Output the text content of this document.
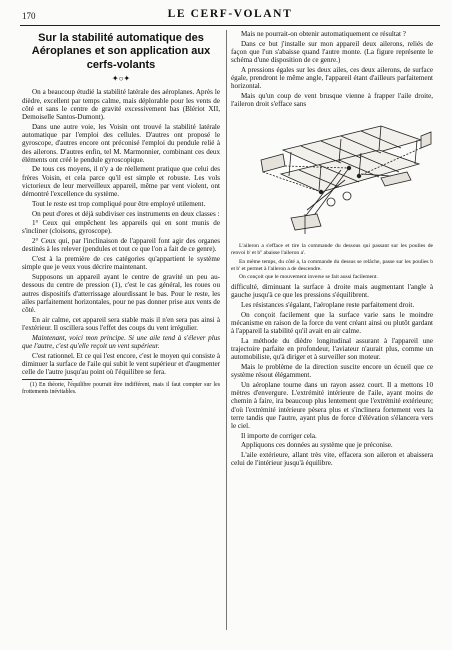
170	LE CERF-VOLANT
Sur la stabilité automatique des Aéroplanes et son application aux cerfs-volants
✦○✦

On a beaucoup étudié la stabilité latérale des aéroplanes. Après le dièdre, excellent par temps calme, mais déplorable pour les vents de côté et sans le centre de gravité excessivement bas (Blériot XII, Demoiselle Santos-Dumont).

Dans une autre voie, les Voisin ont trouvé la stabilité latérale automatique par l'emploi des cellules. D'autres ont proposé le gyroscope, d'autres encore ont préconisé l'emploi du pendule relié à des ailerons. D'autres enfin, tel M. Marmonnier, combinant ces deux éléments ont créé le pendule gyroscopique.

De tous ces moyens, il n'y a de réellement pratique que celui des frères Voisin, et cela parce qu'il est simple et robuste. Les vols victorieux de leur merveilleux appareil, même par vent violent, ont démontré l'excellence du système.

Tout le reste est trop compliqué pour être employé utilement.

On peut d'ores et déjà subdiviser ces instruments en deux classes :

1° Ceux qui empêchent les appareils qui en sont munis de s'incliner (cloisons, gyroscope).

2° Ceux qui, par l'inclinaison de l'appareil font agir des organes destinés à les relever (pendules et tout ce que l'on a fait de ce genre).

C'est à la première de ces catégories qu'appartient le système simple que je veux vous décrire maintenant.

Supposons un appareil ayant le centre de gravité un peu au-dessous du centre de pression (1), c'est le cas général, les roues ou autres dispositifs d'atterrissage alourdissant le bas. Pour le reste, les ailes parfaitement horizontales, pour ne pas donner prise aux vents de côté.

En air calme, cet appareil sera stable mais il n'en sera pas ainsi à l'extérieur. Il oscillera sous l'effet des coups du vent irrégulier.

Maintenant, voici mon principe. Si une aile tend à s'élever plus que l'autre, c'est qu'elle reçoit un vent supérieur.

C'est rationnel. Et ce qui l'est encore, c'est le moyen qui consiste à diminuer la surface de l'aile qui subit le vent supérieur et d'augmenter celle de l'autre jusqu'au point où l'équilibre se fera.

(1) En théorie, l'équilibre pourrait être indifférent, mais il faut compter sur les frottements inévitables.

Mais ne pourrait-on obtenir automatiquement ce résultat ?

Dans ce but j'installe sur mon appareil deux ailerons, reliés de façon que l'un s'abaisse quand l'autre monte. (La figure représente le schéma d'une disposition de ce genre.)

A pressions égales sur les deux ailes, ces deux ailerons, de surface égale, prendront le même angle, l'appareil étant d'ailleurs parfaitement horizontal.

Mais qu'un coup de vent brusque vienne à frapper l'aile droite, l'aileron droit s'efface sans

L'aileron a s'efface et tire la commande du dessous qui passant sur les poulies de renvoi b' et b'' abaisse l'aileron a'.
En même temps, du côté a, la commande du dessus se relâche, passe sur les poulies b et b' et permet à l'aileron a de descendre.
On conçoit que le mouvement inverse se fait aussi facilement.

difficulté, diminuant la surface à droite mais augmentant l'angle à gauche jusqu'à ce que les pressions s'équilibrent.

Les résistances s'égalant, l'aéroplane reste parfaitement droit.

On conçoit facilement que la surface varie sans le moindre mécanisme en raison de la force du vent créant ainsi ou plutôt gardant à l'appareil la stabilité qu'il avait en air calme.

La méthode du dièdre longitudinal assurant à l'appareil une trajectoire parfaite en profondeur, l'aviateur n'aurait plus, comme un automobiliste, qu'à diriger et à surveiller son moteur.

Mais le problème de la direction suscite encore un écueil que ce système résout élégamment.

Un aéroplane tourne dans un rayon assez court. Il a mettons 10 mètres d'envergure. L'extrémité intérieure de l'aile, ayant moins de chemin à faire, ira beaucoup plus lentement que l'extrémité extérieure; d'où l'extrémité intérieure pèsera plus et s'inclinera fortement vers la terre tandis que l'autre, ayant plus de force d'élévation s'élancera vers le ciel.

Il importe de corriger cela.

Appliquons ces données au système que je préconise.

L'aile extérieure, allant très vite, effacera son aileron et abaissera celui de l'intérieur jusqu'à équilibre.
